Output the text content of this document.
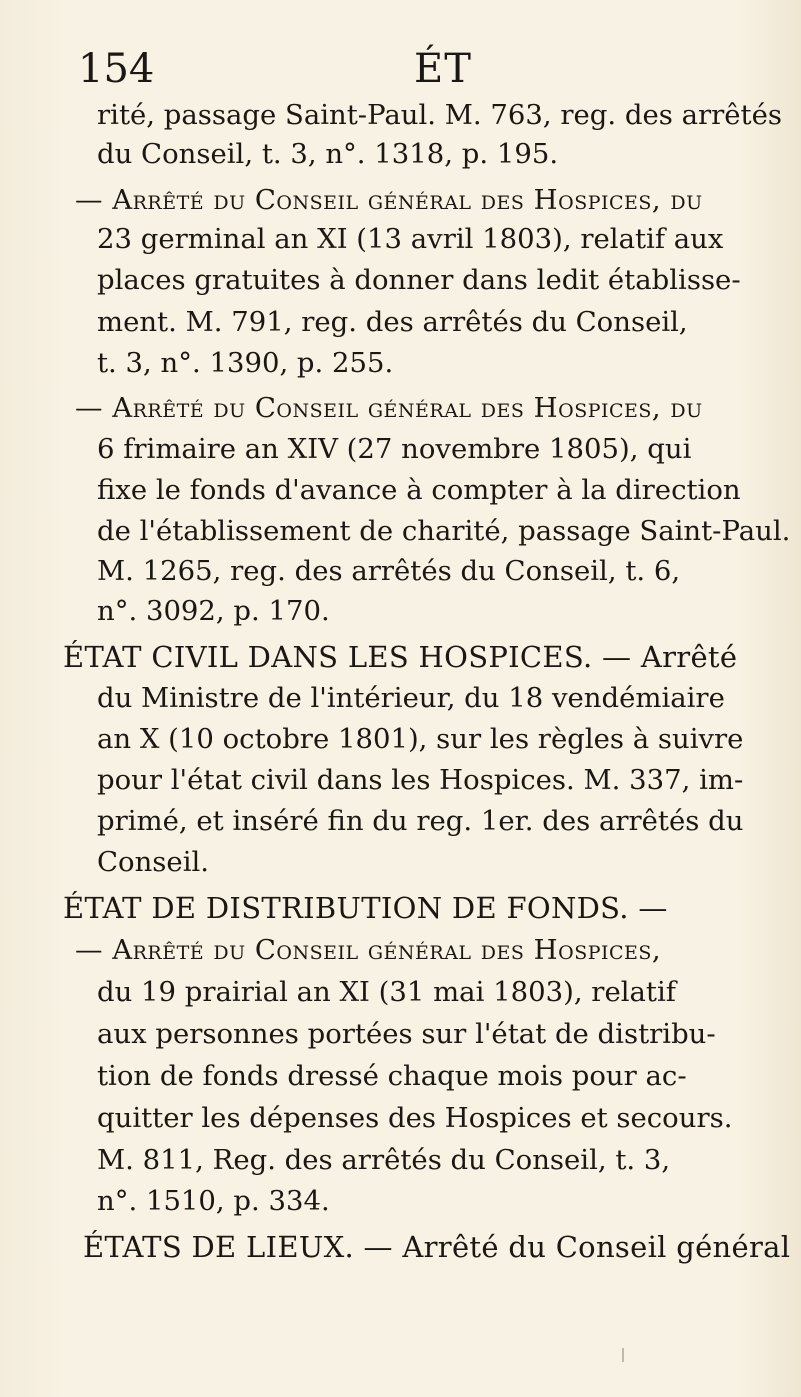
154	ÉT
rité, passage Saint-Paul. M. 763, reg. des arrêtés
du Conseil, t. 3, n°. 1318, p. 195.
— Arrêté du Conseil général des Hospices, du
23 germinal an XI (13 avril 1803), relatif aux
places gratuites à donner dans ledit établisse-
ment. M. 791, reg. des arrêtés du Conseil,
t. 3, n°. 1390, p. 255.
— Arrêté du Conseil général des Hospices, du
6 frimaire an XIV (27 novembre 1805), qui
fixe le fonds d'avance à compter à la direction
de l'établissement de charité, passage Saint-Paul.
M. 1265, reg. des arrêtés du Conseil, t. 6,
n°. 3092, p. 170.
ÉTAT CIVIL DANS LES HOSPICES. — Arrêté
du Ministre de l'intérieur, du 18 vendémiaire
an X (10 octobre 1801), sur les règles à suivre
pour l'état civil dans les Hospices. M. 337, im-
primé, et inséré fin du reg. 1er. des arrêtés du
Conseil.
ÉTAT DE DISTRIBUTION DE FONDS. —
— Arrêté du Conseil général des Hospices,
du 19 prairial an XI (31 mai 1803), relatif
aux personnes portées sur l'état de distribu-
tion de fonds dressé chaque mois pour ac-
quitter les dépenses des Hospices et secours.
M. 811, Reg. des arrêtés du Conseil, t. 3,
n°. 1510, p. 334.
ÉTATS DE LIEUX. — Arrêté du Conseil général
